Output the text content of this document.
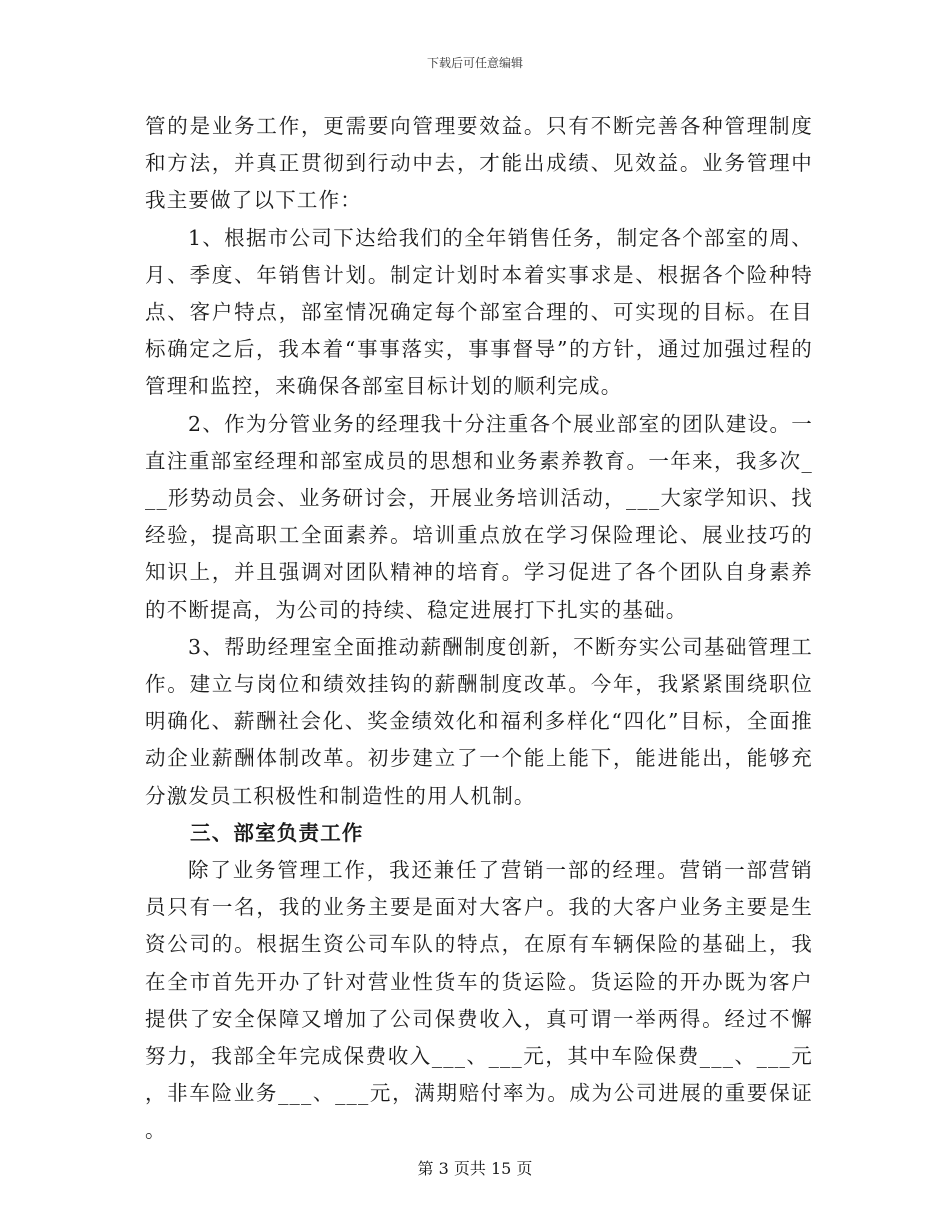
下载后可任意编辑

管的是业务工作，更需要向管理要效益。只有不断完善各种管理制度和方法，并真正贯彻到行动中去，才能出成绩、见效益。业务管理中我主要做了以下工作：

1、根据市公司下达给我们的全年销售任务，制定各个部室的周、月、季度、年销售计划。制定计划时本着实事求是、根据各个险种特点、客户特点，部室情况确定每个部室合理的、可实现的目标。在目标确定之后，我本着“事事落实，事事督导”的方针，通过加强过程的管理和监控，来确保各部室目标计划的顺利完成。

2、作为分管业务的经理我十分注重各个展业部室的团队建设。一直注重部室经理和部室成员的思想和业务素养教育。一年来，我多次___形势动员会、业务研讨会，开展业务培训活动，___大家学知识、找经验，提高职工全面素养。培训重点放在学习保险理论、展业技巧的知识上，并且强调对团队精神的培育。学习促进了各个团队自身素养的不断提高，为公司的持续、稳定进展打下扎实的基础。

3、帮助经理室全面推动薪酬制度创新，不断夯实公司基础管理工作。建立与岗位和绩效挂钩的薪酬制度改革。今年，我紧紧围绕职位明确化、薪酬社会化、奖金绩效化和福利多样化“四化”目标，全面推动企业薪酬体制改革。初步建立了一个能上能下，能进能出，能够充分激发员工积极性和制造性的用人机制。

三、部室负责工作

除了业务管理工作，我还兼任了营销一部的经理。营销一部营销员只有一名，我的业务主要是面对大客户。我的大客户业务主要是生资公司的。根据生资公司车队的特点，在原有车辆保险的基础上，我在全市首先开办了针对营业性货车的货运险。货运险的开办既为客户提供了安全保障又增加了公司保费收入，真可谓一举两得。经过不懈努力，我部全年完成保费收入___、___元，其中车险保费___、___元，非车险业务___、___元，满期赔付率为。成为公司进展的重要保证。

第 3 页共 15 页
